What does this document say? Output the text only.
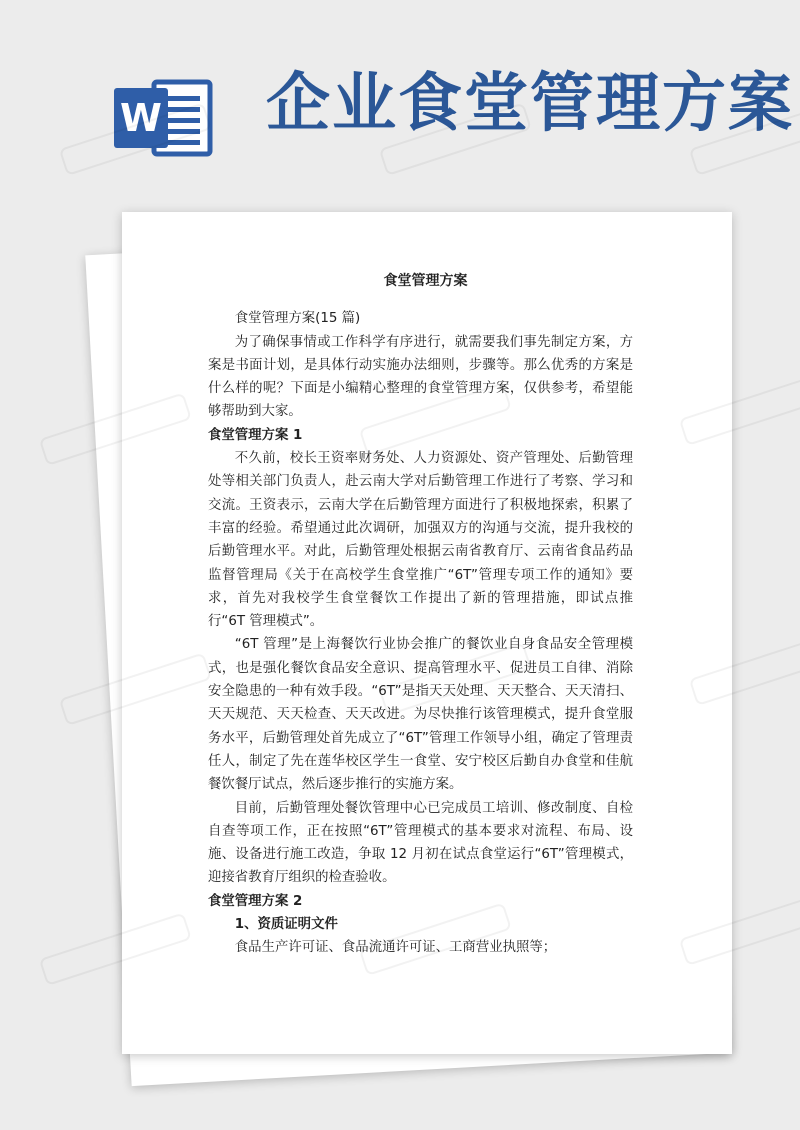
W 企业食堂管理方案
食堂管理方案

食堂管理方案(15 篇)

为了确保事情或工作科学有序进行，就需要我们事先制定方案，方案是书面计划，是具体行动实施办法细则，步骤等。那么优秀的方案是什么样的呢？下面是小编精心整理的食堂管理方案，仅供参考，希望能够帮助到大家。

食堂管理方案 1

不久前，校长王资率财务处、人力资源处、资产管理处、后勤管理处等相关部门负责人，赴云南大学对后勤管理工作进行了考察、学习和交流。王资表示，云南大学在后勤管理方面进行了积极地探索，积累了丰富的经验。希望通过此次调研，加强双方的沟通与交流，提升我校的后勤管理水平。对此，后勤管理处根据云南省教育厅、云南省食品药品监督管理局《关于在高校学生食堂推广“6T”管理专项工作的通知》要求，首先对我校学生食堂餐饮工作提出了新的管理措施，即试点推行“6T 管理模式”。

“6T 管理”是上海餐饮行业协会推广的餐饮业自身食品安全管理模式，也是强化餐饮食品安全意识、提高管理水平、促进员工自律、消除安全隐患的一种有效手段。“6T”是指天天处理、天天整合、天天清扫、天天规范、天天检查、天天改进。为尽快推行该管理模式，提升食堂服务水平，后勤管理处首先成立了“6T”管理工作领导小组，确定了管理责任人，制定了先在莲华校区学生一食堂、安宁校区后勤自办食堂和佳航餐饮餐厅试点，然后逐步推行的实施方案。

目前，后勤管理处餐饮管理中心已完成员工培训、修改制度、自检自查等项工作，正在按照“6T”管理模式的基本要求对流程、布局、设施、设备进行施工改造，争取 12 月初在试点食堂运行“6T”管理模式，迎接省教育厅组织的检查验收。

食堂管理方案 2

1、资质证明文件

食品生产许可证、食品流通许可证、工商营业执照等；
